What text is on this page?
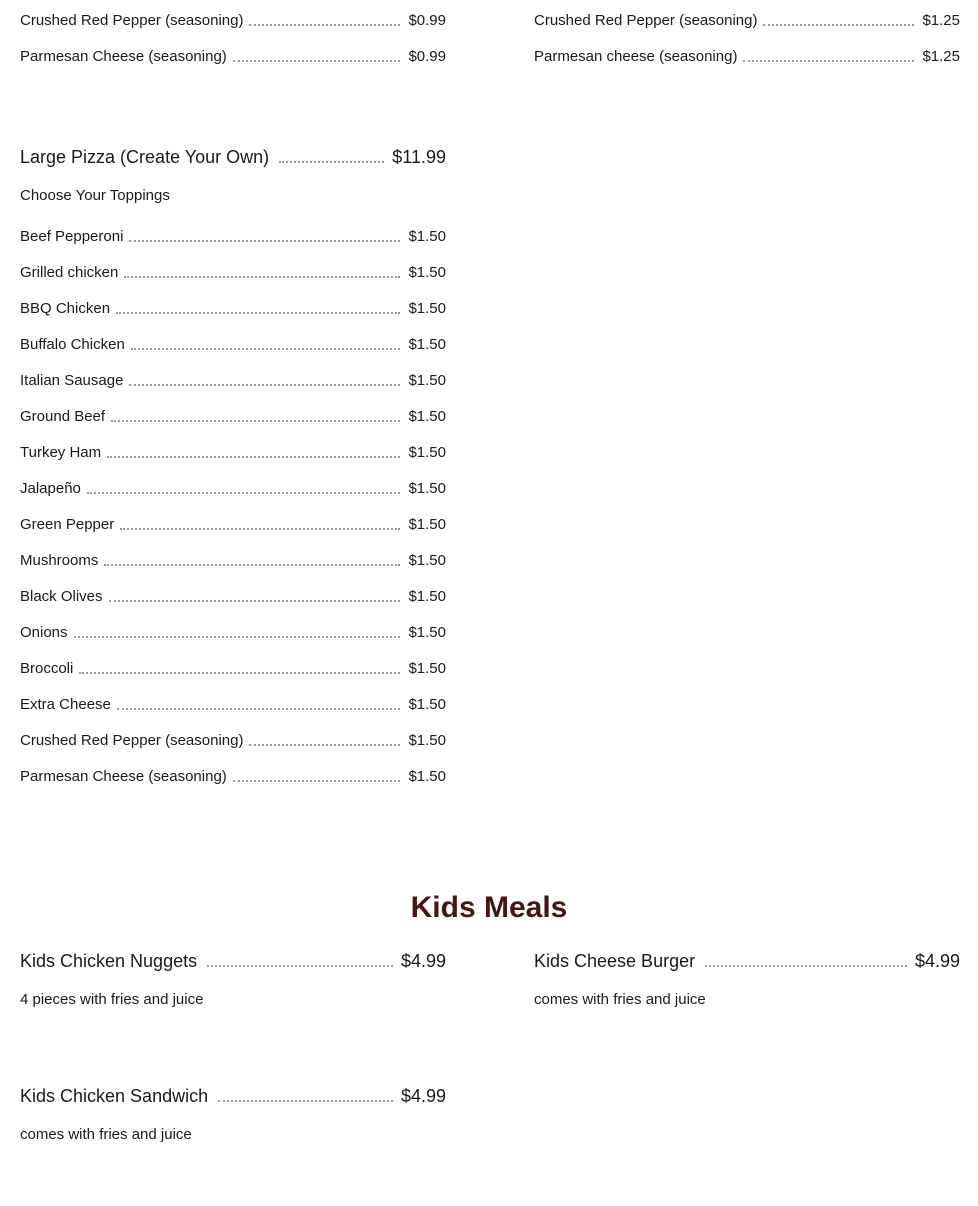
Crushed Red Pepper (seasoning)	$0.99
Parmesan Cheese (seasoning)	$0.99
Crushed Red Pepper (seasoning)	$1.25
Parmesan cheese (seasoning)	$1.25
Large Pizza (Create Your Own)	$11.99
Choose Your Toppings
Beef Pepperoni	$1.50
Grilled chicken	$1.50
BBQ Chicken	$1.50
Buffalo Chicken	$1.50
Italian Sausage	$1.50
Ground Beef	$1.50
Turkey Ham	$1.50
Jalapeño	$1.50
Green Pepper	$1.50
Mushrooms	$1.50
Black Olives	$1.50
Onions	$1.50
Broccoli	$1.50
Extra Cheese	$1.50
Crushed Red Pepper (seasoning)	$1.50
Parmesan Cheese (seasoning)	$1.50
Kids Meals
Kids Chicken Nuggets	$4.99
4 pieces with fries and juice
Kids Cheese Burger	$4.99
comes with fries and juice
Kids Chicken Sandwich	$4.99
comes with fries and juice
